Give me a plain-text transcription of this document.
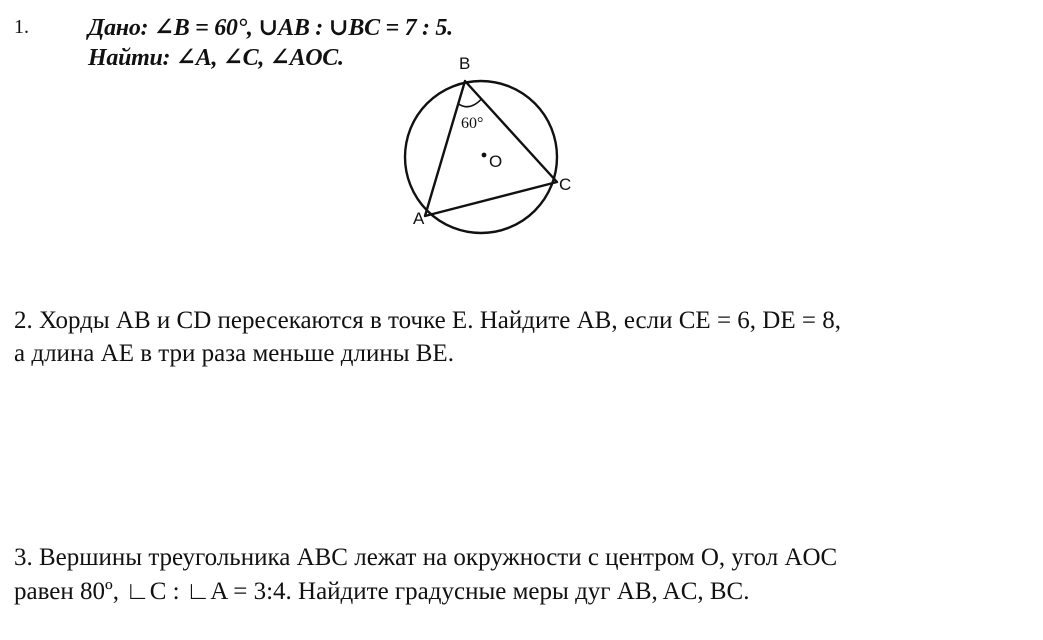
1. Дано: ∠B = 60°, ∪AB : ∪BC = 7 : 5.
Найти: ∠A, ∠C, ∠AOC.	B
A
C
O
60°
2. Хорды AB и CD пересекаются в точке E. Найдите AB, если CE = 6, DE = 8,
а длина AE в три раза меньше длины BE.
3. Вершины треугольника ABC лежат на окружности с центром O, угол AOC
равен 80º, ∟C : ∟A = 3:4. Найдите градусные меры дуг AB, AC, BC.
